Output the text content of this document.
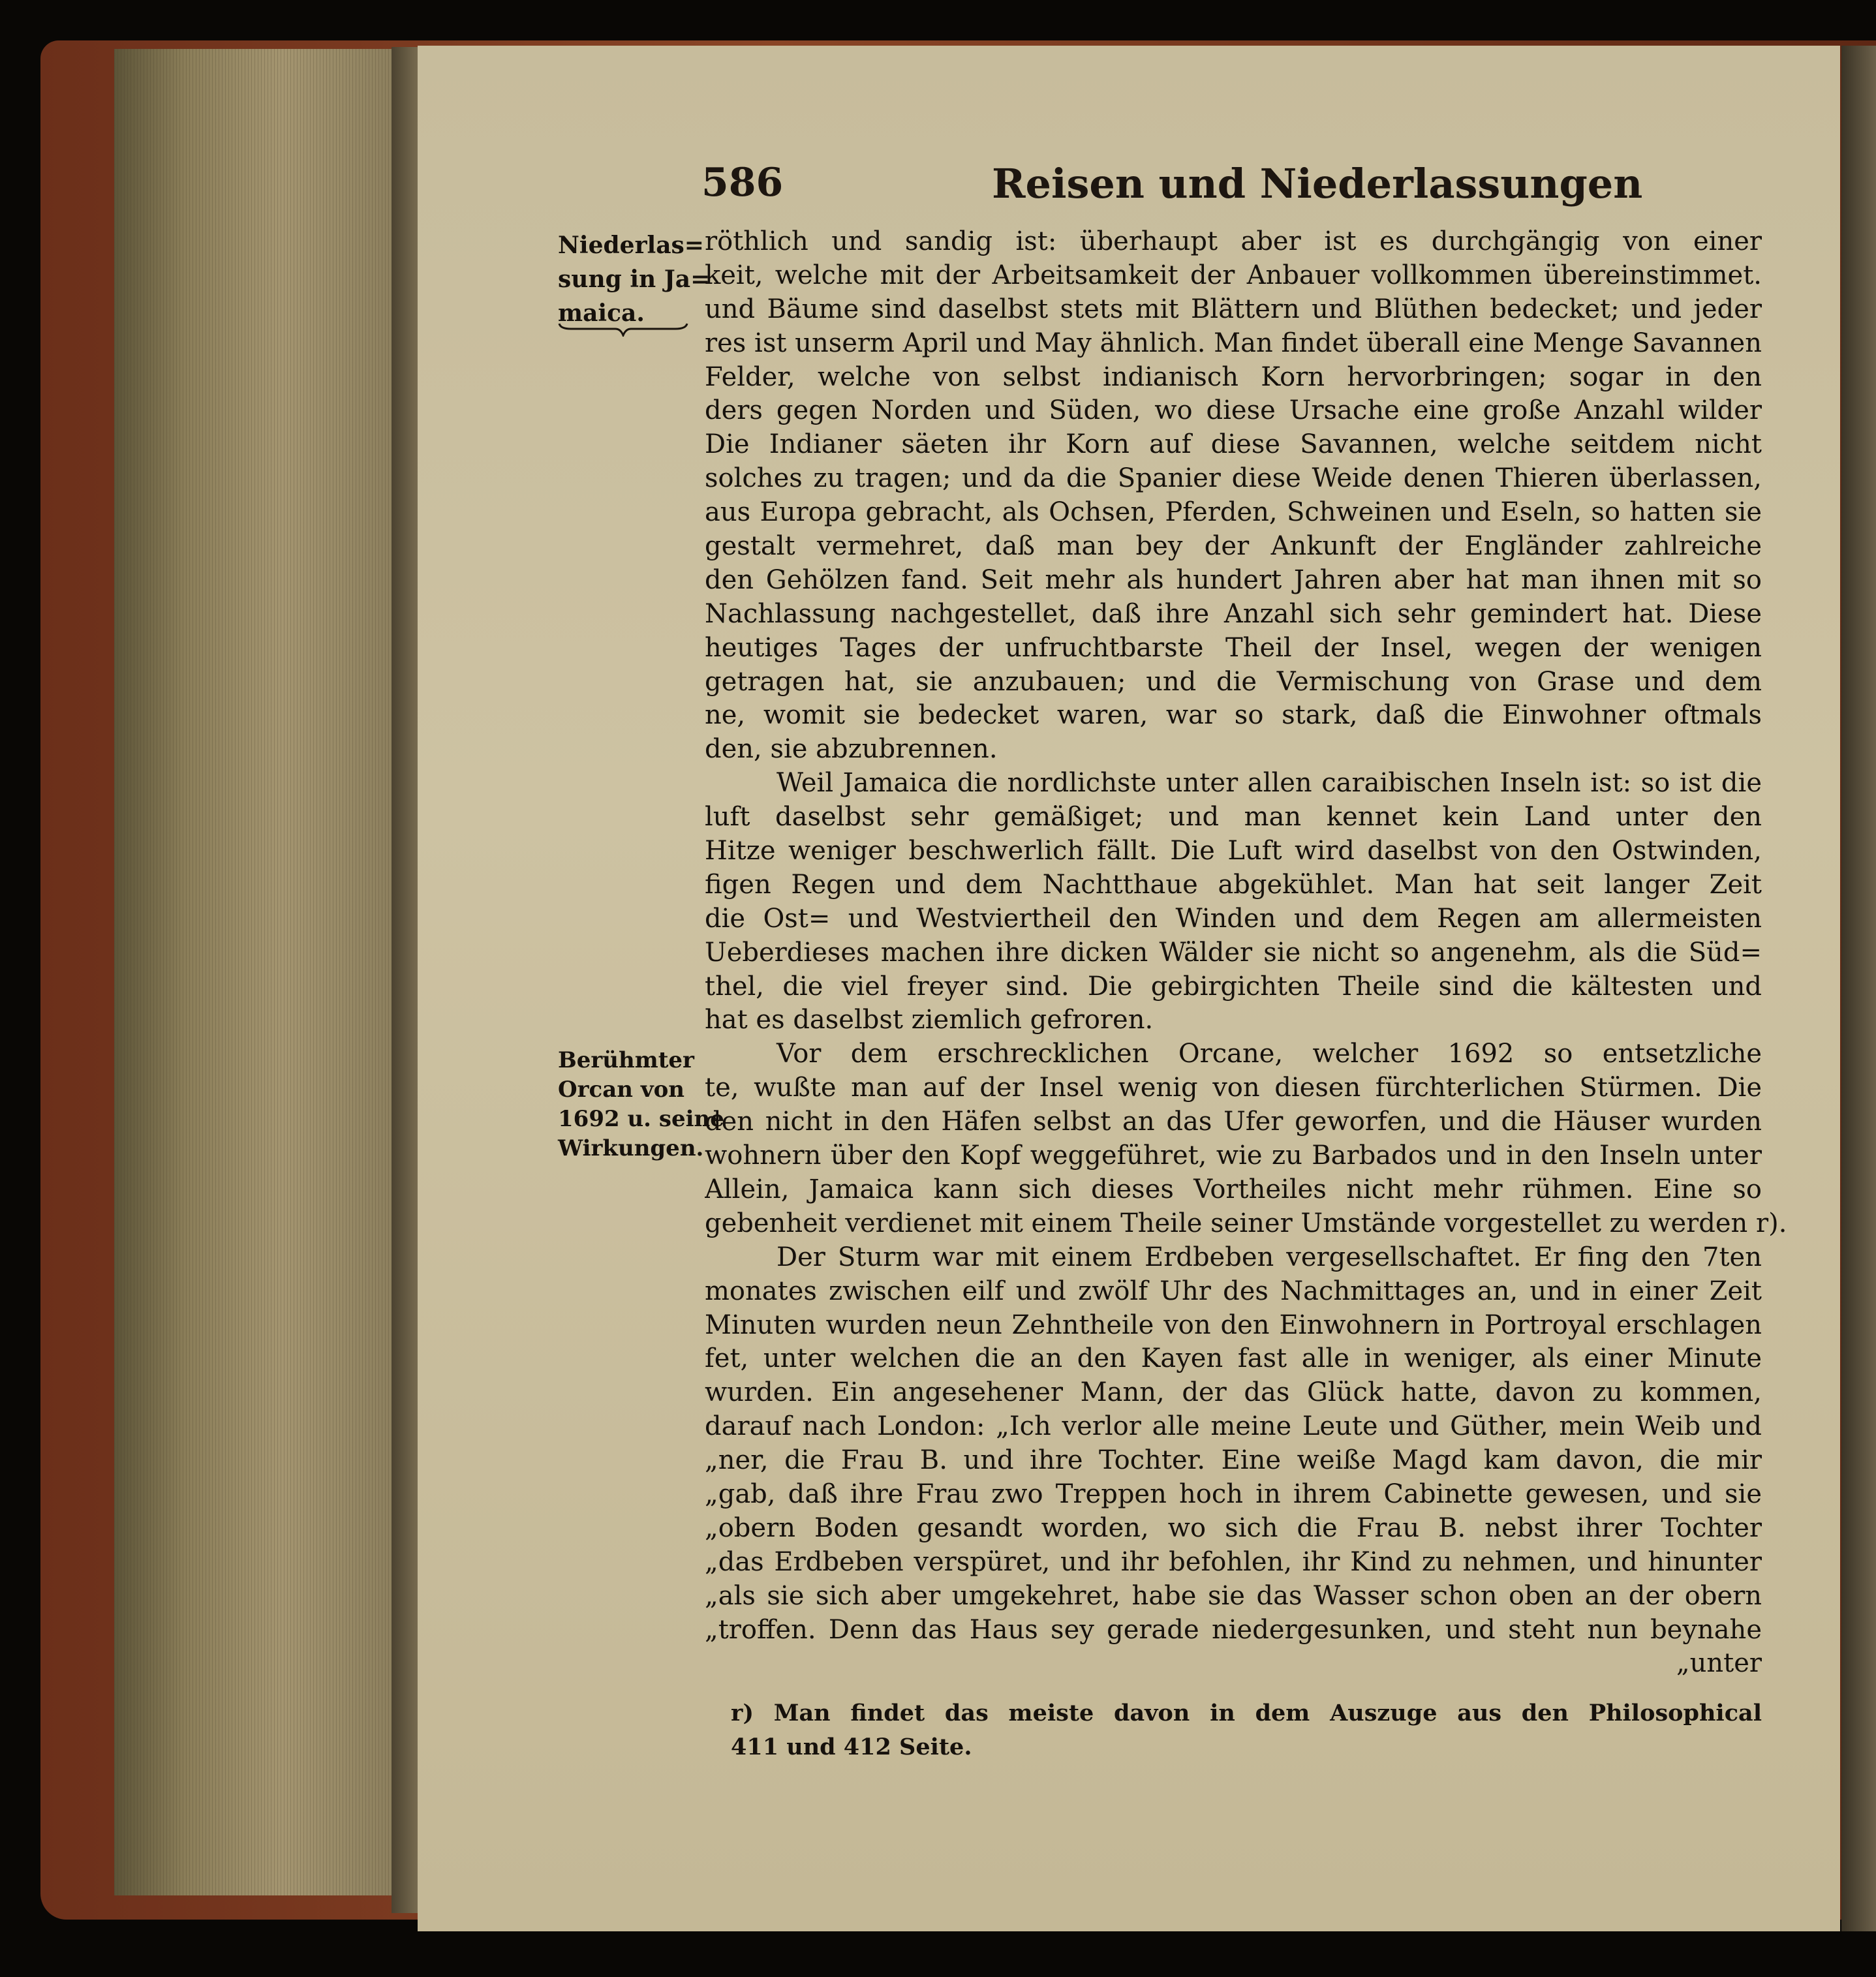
586	Reisen und Niederlassungen
Niederlas=
sung in Ja=
maica.
Berühmter
Orcan von
1692 u. seine
Wirkungen.
röthlich und sandig ist: überhaupt aber ist es durchgängig von einer
keit, welche mit der Arbeitsamkeit der Anbauer vollkommen übereinstimmet.
und Bäume sind daselbst stets mit Blättern und Blüthen bedecket; und jeder
res ist unserm April und May ähnlich. Man findet überall eine Menge Savannen
Felder, welche von selbst indianisch Korn hervorbringen; sogar in den
ders gegen Norden und Süden, wo diese Ursache eine große Anzahl wilder
Die Indianer säeten ihr Korn auf diese Savannen, welche seitdem nicht
solches zu tragen; und da die Spanier diese Weide denen Thieren überlassen,
aus Europa gebracht, als Ochsen, Pferden, Schweinen und Eseln, so hatten sie
gestalt vermehret, daß man bey der Ankunft der Engländer zahlreiche
den Gehölzen fand. Seit mehr als hundert Jahren aber hat man ihnen mit so
Nachlassung nachgestellet, daß ihre Anzahl sich sehr gemindert hat. Diese
heutiges Tages der unfruchtbarste Theil der Insel, wegen der wenigen
getragen hat, sie anzubauen; und die Vermischung von Grase und dem
ne, womit sie bedecket waren, war so stark, daß die Einwohner oftmals
den, sie abzubrennen.
Weil Jamaica die nordlichste unter allen caraibischen Inseln ist: so ist die
luft daselbst sehr gemäßiget; und man kennet kein Land unter den
Hitze weniger beschwerlich fällt. Die Luft wird daselbst von den Ostwinden,
figen Regen und dem Nachtthaue abgekühlet. Man hat seit langer Zeit
die Ost= und Westviertheil den Winden und dem Regen am allermeisten
Ueberdieses machen ihre dicken Wälder sie nicht so angenehm, als die Süd=
thel, die viel freyer sind. Die gebirgichten Theile sind die kältesten und
hat es daselbst ziemlich gefroren.
Vor dem erschrecklichen Orcane, welcher 1692 so entsetzliche
te, wußte man auf der Insel wenig von diesen fürchterlichen Stürmen. Die
den nicht in den Häfen selbst an das Ufer geworfen, und die Häuser wurden
wohnern über den Kopf weggeführet, wie zu Barbados und in den Inseln unter
Allein, Jamaica kann sich dieses Vortheiles nicht mehr rühmen. Eine so
gebenheit verdienet mit einem Theile seiner Umstände vorgestellet zu werden r).
Der Sturm war mit einem Erdbeben vergesellschaftet. Er fing den 7ten
monates zwischen eilf und zwölf Uhr des Nachmittages an, und in einer Zeit
Minuten wurden neun Zehntheile von den Einwohnern in Portroyal erschlagen
fet, unter welchen die an den Kayen fast alle in weniger, als einer Minute
wurden. Ein angesehener Mann, der das Glück hatte, davon zu kommen,
darauf nach London: „Ich verlor alle meine Leute und Güther, mein Weib und
„ner, die Frau B. und ihre Tochter. Eine weiße Magd kam davon, die mir
„gab, daß ihre Frau zwo Treppen hoch in ihrem Cabinette gewesen, und sie
„obern Boden gesandt worden, wo sich die Frau B. nebst ihrer Tochter
„das Erdbeben verspüret, und ihr befohlen, ihr Kind zu nehmen, und hinunter
„als sie sich aber umgekehret, habe sie das Wasser schon oben an der obern
„troffen. Denn das Haus sey gerade niedergesunken, und steht nun beynahe
„unter
r) Man findet das meiste davon in dem Auszuge aus den Philosophical
411 und 412 Seite.
